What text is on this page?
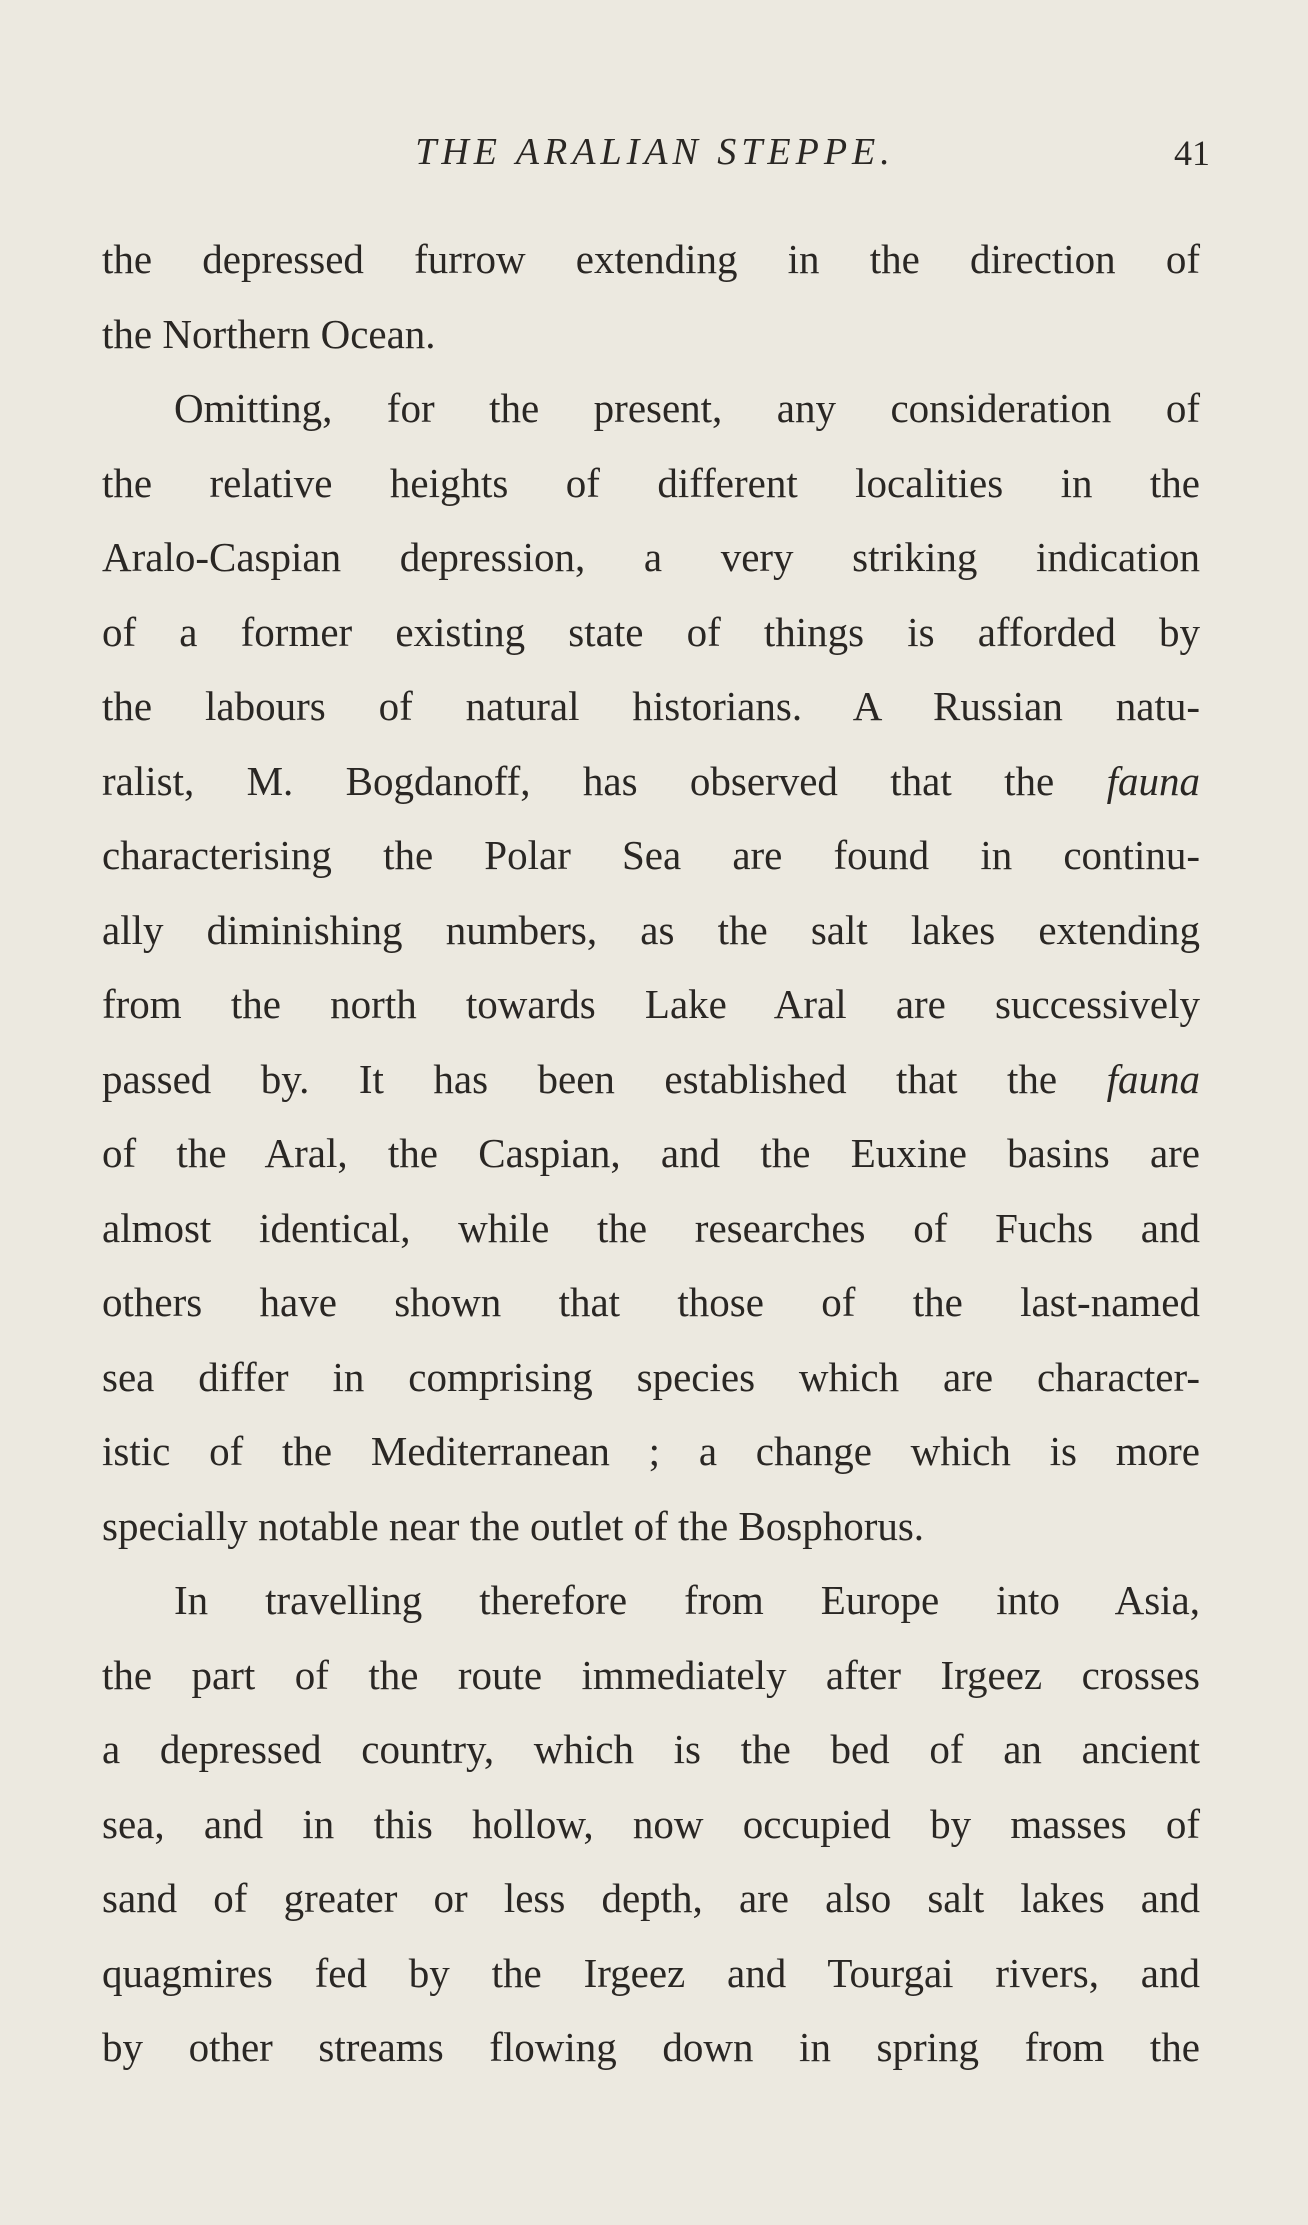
THE ARALIAN STEPPE.	41
the depressed furrow extending in the direction of
the Northern Ocean.
Omitting, for the present, any consideration of
the relative heights of different localities in the
Aralo-Caspian depression, a very striking indication
of a former existing state of things is afforded by
the labours of natural historians. A Russian natu-
ralist, M. Bogdanoff, has observed that the fauna
characterising the Polar Sea are found in continu-
ally diminishing numbers, as the salt lakes extending
from the north towards Lake Aral are successively
passed by. It has been established that the fauna
of the Aral, the Caspian, and the Euxine basins are
almost identical, while the researches of Fuchs and
others have shown that those of the last-named
sea differ in comprising species which are character-
istic of the Mediterranean ; a change which is more
specially notable near the outlet of the Bosphorus.
In travelling therefore from Europe into Asia,
the part of the route immediately after Irgeez crosses
a depressed country, which is the bed of an ancient
sea, and in this hollow, now occupied by masses of
sand of greater or less depth, are also salt lakes and
quagmires fed by the Irgeez and Tourgai rivers, and
by other streams flowing down in spring from the
